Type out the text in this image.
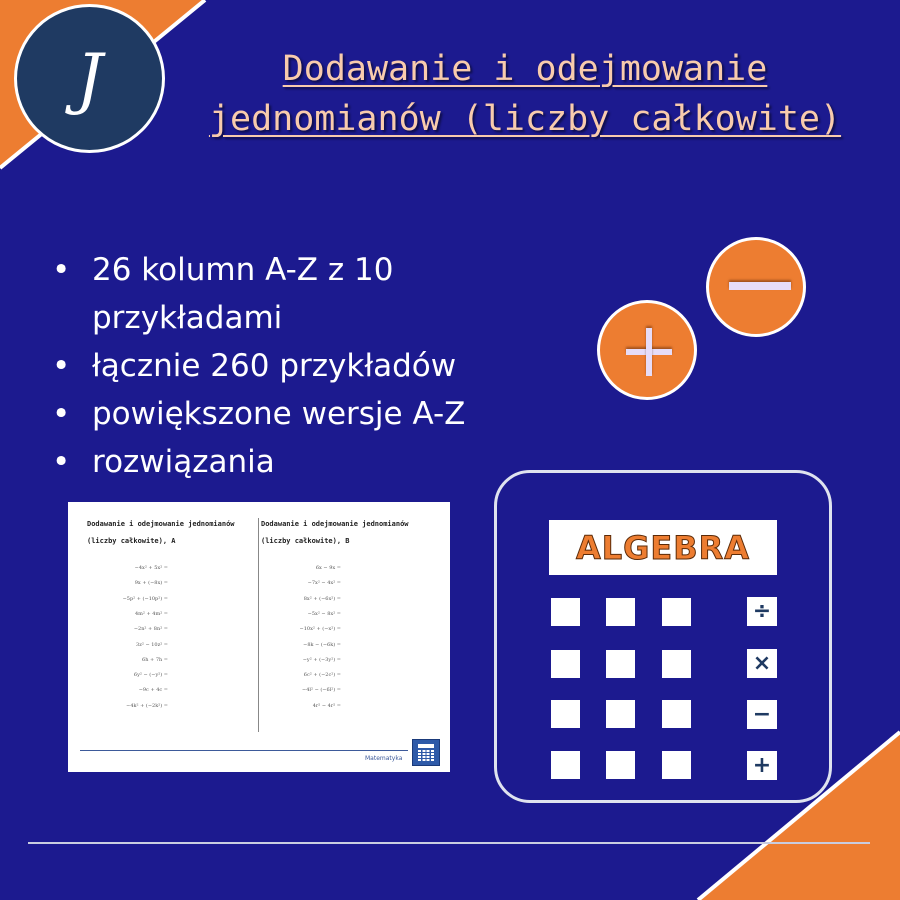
J	Dodawanie i odejmowanie
jednomianów (liczby całkowite)
• 26 kolumn A-Z z 10 przykładami
• łącznie 260 przykładów
• powiększone wersje A-Z
• rozwiązania
Dodawanie i odejmowanie jednomianów (liczby całkowite), A
Dodawanie i odejmowanie jednomianów (liczby całkowite), B
−4x² + 5x² =
9x + (−8x) =
−5p² + (−10p²) =
4m² + 4m² =
−2n² + 8n² =
3z² − 10z² =
6h + 7h =
6y² − (−y²) =
−9c + 4c =
−4k² + (−2k²) =
6x − 9x =
−7x² − 4x² =
8x² + (−6x²) =
−5x² − 8x² =
−10x² + (−x²) =
−8k − (−6k) =
−y² + (−3y²) =
6c² + (−2c²) =
−4l² − (−6l²) =
4r² − 4r² =
Matematyka
ALGEBRA
÷
×
−
+
